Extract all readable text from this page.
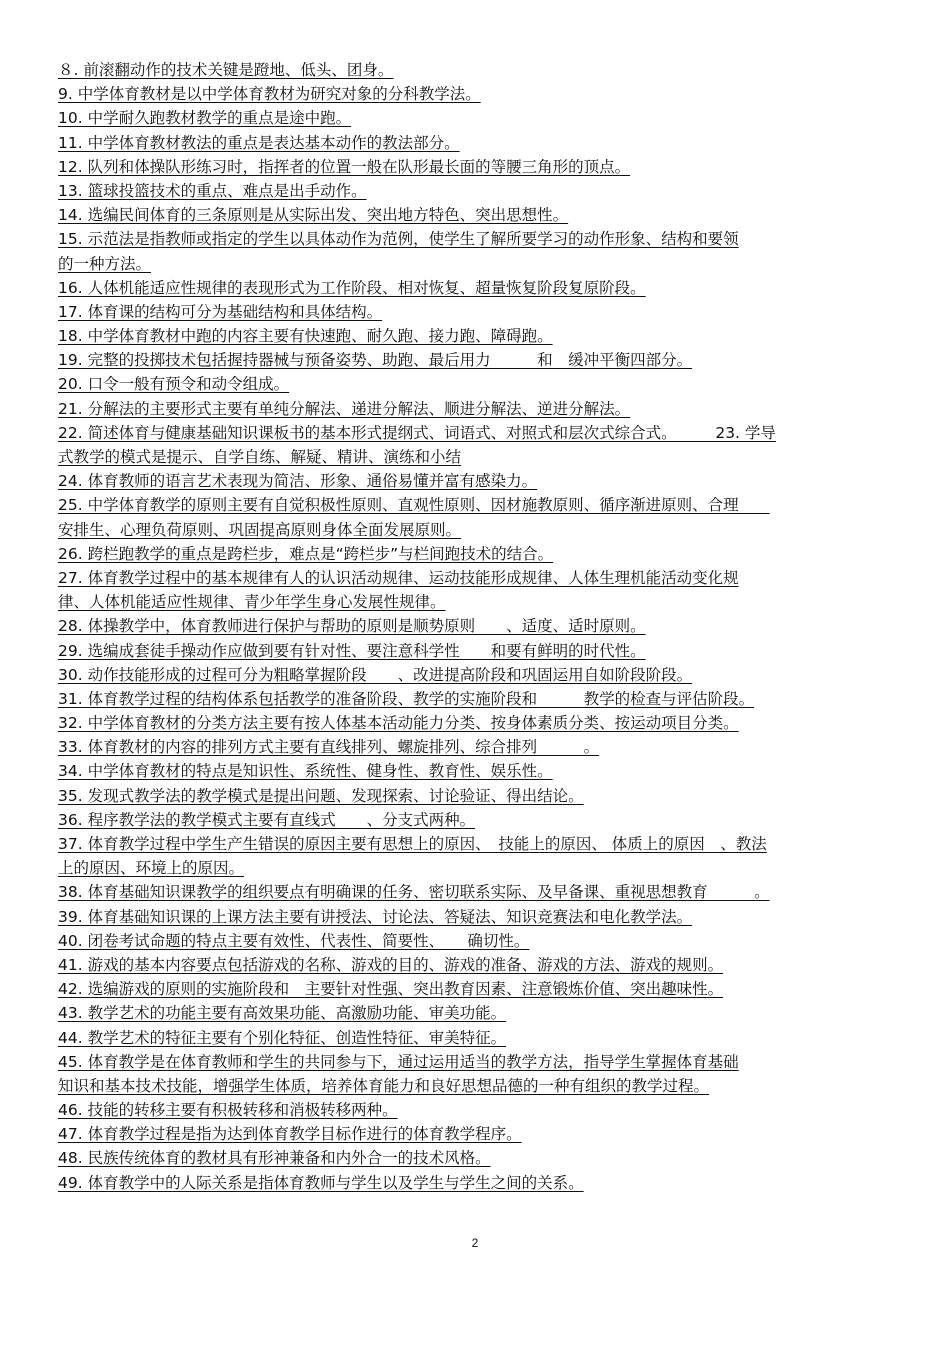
８. 前滚翻动作的技术关键是蹬地、低头、团身。
9. 中学体育教材是以中学体育教材为研究对象的分科教学法。
10. 中学耐久跑教材教学的重点是途中跑。
11. 中学体育教材教法的重点是表达基本动作的教法部分。
12. 队列和体操队形练习时，指挥者的位置一般在队形最长面的等腰三角形的顶点。
13. 篮球投篮技术的重点、难点是出手动作。
14. 选编民间体育的三条原则是从实际出发、突出地方特色、突出思想性。
15. 示范法是指教师或指定的学生以具体动作为范例，使学生了解所要学习的动作形象、结构和要领
的一种方法。
16. 人体机能适应性规律的表现形式为工作阶段、相对恢复、超量恢复阶段复原阶段。
17. 体育课的结构可分为基础结构和具体结构。
18. 中学体育教材中跑的内容主要有快速跑、耐久跑、接力跑、障碍跑。
19. 完整的投掷技术包括握持器械与预备姿势、助跑、最后用力　　　和　缓冲平衡四部分。
20. 口令一般有预令和动令组成。
21. 分解法的主要形式主要有单纯分解法、递进分解法、顺进分解法、逆进分解法。
22. 简述体育与健康基础知识课板书的基本形式提纲式、词语式、对照式和层次式综合式。　　　23. 学导
式教学的模式是提示、自学自练、解疑、精讲、演练和小结
24. 体育教师的语言艺术表现为简洁、形象、通俗易懂并富有感染力。
25. 中学体育教学的原则主要有自觉积极性原则、直观性原则、因材施教原则、循序渐进原则、合理　　
安排生、心理负荷原则、巩固提高原则身体全面发展原则。
26. 跨栏跑教学的重点是跨栏步，难点是“跨栏步”与栏间跑技术的结合。
27. 体育教学过程中的基本规律有人的认识活动规律、运动技能形成规律、人体生理机能活动变化规
律、人体机能适应性规律、青少年学生身心发展性规律。
28. 体操教学中，体育教师进行保护与帮助的原则是顺势原则　　、适度、适时原则。
29. 选编成套徒手操动作应做到要有针对性、要注意科学性　　和要有鲜明的时代性。
30. 动作技能形成的过程可分为粗略掌握阶段　　、改进提高阶段和巩固运用自如阶段阶段。
31. 体育教学过程的结构体系包括教学的准备阶段、教学的实施阶段和　　　教学的检查与评估阶段。
32. 中学体育教材的分类方法主要有按人体基本活动能力分类、按身体素质分类、按运动项目分类。
33. 体育教材的内容的排列方式主要有直线排列、螺旋排列、综合排列　　　。
34. 中学体育教材的特点是知识性、系统性、健身性、教育性、娱乐性。
35. 发现式教学法的教学模式是提出问题、发现探索、讨论验证、得出结论。
36. 程序教学法的教学模式主要有直线式　　、分支式两种。
37. 体育教学过程中学生产生错误的原因主要有思想上的原因、　技能上的原因、 体质上的原因　、教法
上的原因、环境上的原因。
38. 体育基础知识课教学的组织要点有明确课的任务、密切联系实际、及早备课、重视思想教育　　　。
39. 体育基础知识课的上课方法主要有讲授法、讨论法、答疑法、知识竞赛法和电化教学法。
40. 闭卷考试命题的特点主要有效性、代表性、简要性、　　确切性。
41. 游戏的基本内容要点包括游戏的名称、游戏的目的、游戏的准备、游戏的方法、游戏的规则。
42. 选编游戏的原则的实施阶段和　主要针对性强、突出教育因素、注意锻炼价值、突出趣味性。
43. 教学艺术的功能主要有高效果功能、高激励功能、审美功能。
44. 教学艺术的特征主要有个别化特征、创造性特征、审美特征。
45. 体育教学是在体育教师和学生的共同参与下，通过运用适当的教学方法，指导学生掌握体育基础
知识和基本技术技能，增强学生体质，培养体育能力和良好思想品德的一种有组织的教学过程。
46. 技能的转移主要有积极转移和消极转移两种。
47. 体育教学过程是指为达到体育教学目标作进行的体育教学程序。
48. 民族传统体育的教材具有形神兼备和内外合一的技术风格。
49. 体育教学中的人际关系是指体育教师与学生以及学生与学生之间的关系。
2
